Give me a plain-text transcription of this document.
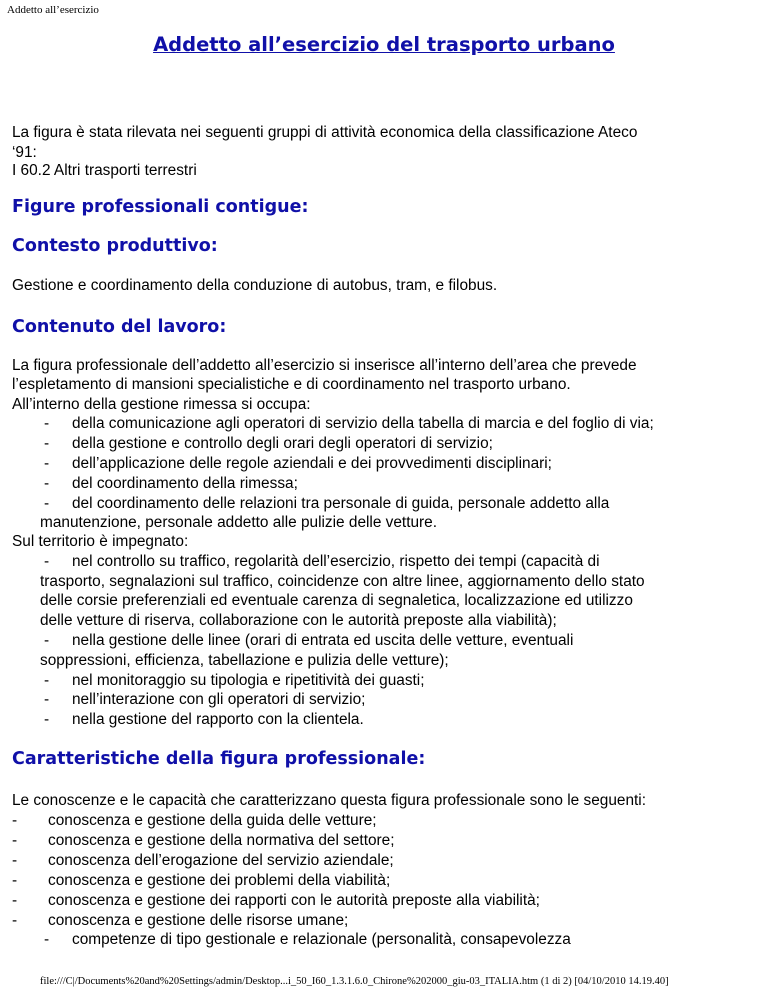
Addetto all’esercizio
Addetto all’esercizio del trasporto urbano
La figura è stata rilevata nei seguenti gruppi di attività economica della classificazione Ateco
‘91:
I 60.2 Altri trasporti terrestri
Figure professionali contigue:
Contesto produttivo:
Gestione e coordinamento della conduzione di autobus, tram, e filobus.
Contenuto del lavoro:
La figura professionale dell’addetto all’esercizio si inserisce all’interno dell’area che prevede
l’espletamento di mansioni specialistiche e di coordinamento nel trasporto urbano.
All’interno della gestione rimessa si occupa:
- della comunicazione agli operatori di servizio della tabella di marcia e del foglio di via;
- della gestione e controllo degli orari degli operatori di servizio;
- dell’applicazione delle regole aziendali e dei provvedimenti disciplinari;
- del coordinamento della rimessa;
- del coordinamento delle relazioni tra personale di guida, personale addetto alla
manutenzione, personale addetto alle pulizie delle vetture.
Sul territorio è impegnato:
- nel controllo su traffico, regolarità dell’esercizio, rispetto dei tempi (capacità di
trasporto, segnalazioni sul traffico, coincidenze con altre linee, aggiornamento dello stato
delle corsie preferenziali ed eventuale carenza di segnaletica, localizzazione ed utilizzo
delle vetture di riserva, collaborazione con le autorità preposte alla viabilità);
- nella gestione delle linee (orari di entrata ed uscita delle vetture, eventuali
soppressioni, efficienza, tabellazione e pulizia delle vetture);
- nel monitoraggio su tipologia e ripetitività dei guasti;
- nell’interazione con gli operatori di servizio;
- nella gestione del rapporto con la clientela.
Caratteristiche della figura professionale:
Le conoscenze e le capacità che caratterizzano questa figura professionale sono le seguenti:
- conoscenza e gestione della guida delle vetture;
- conoscenza e gestione della normativa del settore;
- conoscenza dell’erogazione del servizio aziendale;
- conoscenza e gestione dei problemi della viabilità;
- conoscenza e gestione dei rapporti con le autorità preposte alla viabilità;
- conoscenza e gestione delle risorse umane;
- competenze di tipo gestionale e relazionale (personalità, consapevolezza
file:///C|/Documents%20and%20Settings/admin/Desktop...i_50_I60_1.3.1.6.0_Chirone%202000_giu-03_ITALIA.htm (1 di 2) [04/10/2010 14.19.40]
